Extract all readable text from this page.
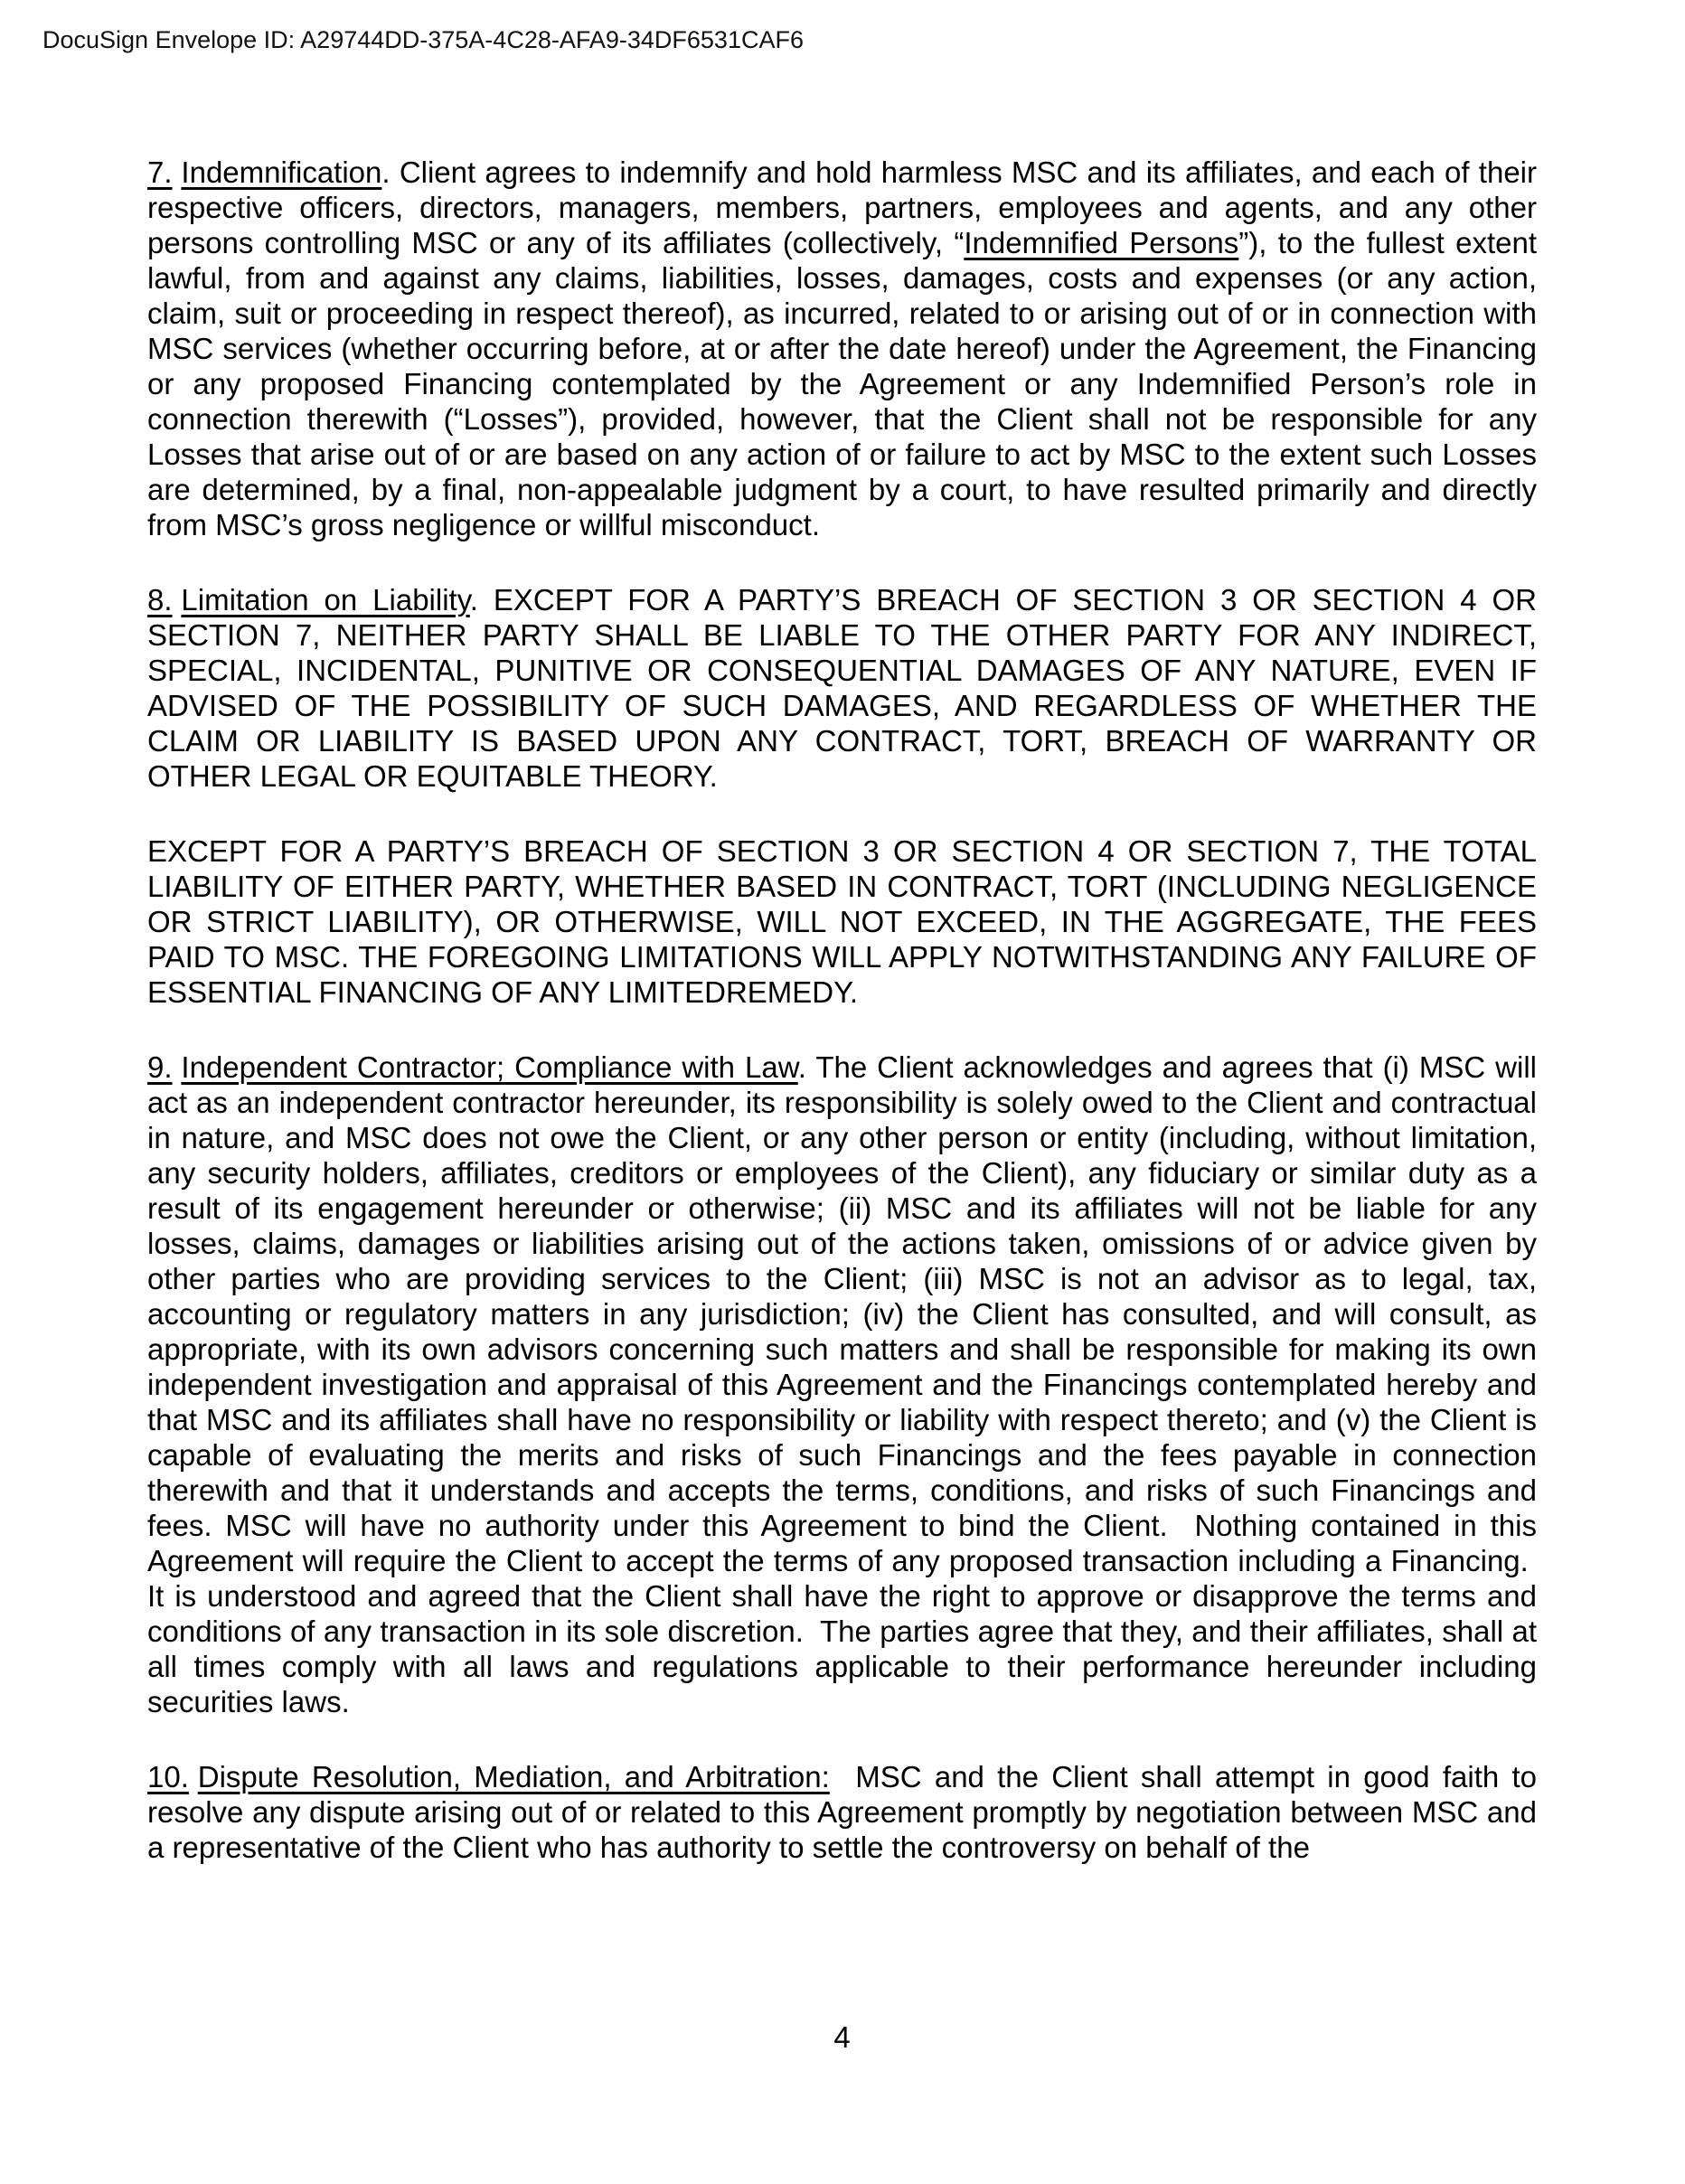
DocuSign Envelope ID: A29744DD-375A-4C28-AFA9-34DF6531CAF6

7. Indemnification. Client agrees to indemnify and hold harmless MSC and its affiliates, and each of their respective officers, directors, managers, members, partners, employees and agents, and any other persons controlling MSC or any of its affiliates (collectively, “Indemnified Persons”), to the fullest extent lawful, from and against any claims, liabilities, losses, damages, costs and expenses (or any action, claim, suit or proceeding in respect thereof), as incurred, related to or arising out of or in connection with MSC services (whether occurring before, at or after the date hereof) under the Agreement, the Financing or any proposed Financing contemplated by the Agreement or any Indemnified Person’s role in connection therewith (“Losses”), provided, however, that the Client shall not be responsible for any Losses that arise out of or are based on any action of or failure to act by MSC to the extent such Losses are determined, by a final, non-appealable judgment by a court, to have resulted primarily and directly from MSC’s gross negligence or willful misconduct.

8. Limitation on Liability. EXCEPT FOR A PARTY’S BREACH OF SECTION 3 OR SECTION 4 OR SECTION 7, NEITHER PARTY SHALL BE LIABLE TO THE OTHER PARTY FOR ANY INDIRECT, SPECIAL, INCIDENTAL, PUNITIVE OR CONSEQUENTIAL DAMAGES OF ANY NATURE, EVEN IF ADVISED OF THE POSSIBILITY OF SUCH DAMAGES, AND REGARDLESS OF WHETHER THE CLAIM OR LIABILITY IS BASED UPON ANY CONTRACT, TORT, BREACH OF WARRANTY OR OTHER LEGAL OR EQUITABLE THEORY.

EXCEPT FOR A PARTY’S BREACH OF SECTION 3 OR SECTION 4 OR SECTION 7, THE TOTAL LIABILITY OF EITHER PARTY, WHETHER BASED IN CONTRACT, TORT (INCLUDING NEGLIGENCE OR STRICT LIABILITY), OR OTHERWISE, WILL NOT EXCEED, IN THE AGGREGATE, THE FEES PAID TO MSC. THE FOREGOING LIMITATIONS WILL APPLY NOTWITHSTANDING ANY FAILURE OF ESSENTIAL FINANCING OF ANY LIMITEDREMEDY.

9. Independent Contractor; Compliance with Law. The Client acknowledges and agrees that (i) MSC will act as an independent contractor hereunder, its responsibility is solely owed to the Client and contractual in nature, and MSC does not owe the Client, or any other person or entity (including, without limitation, any security holders, affiliates, creditors or employees of the Client), any fiduciary or similar duty as a result of its engagement hereunder or otherwise; (ii) MSC and its affiliates will not be liable for any losses, claims, damages or liabilities arising out of the actions taken, omissions of or advice given by other parties who are providing services to the Client; (iii) MSC is not an advisor as to legal, tax, accounting or regulatory matters in any jurisdiction; (iv) the Client has consulted, and will consult, as appropriate, with its own advisors concerning such matters and shall be responsible for making its own independent investigation and appraisal of this Agreement and the Financings contemplated hereby and that MSC and its affiliates shall have no responsibility or liability with respect thereto; and (v) the Client is capable of evaluating the merits and risks of such Financings and the fees payable in connection therewith and that it understands and accepts the terms, conditions, and risks of such Financings and fees. MSC will have no authority under this Agreement to bind the Client.  Nothing contained in this Agreement will require the Client to accept the terms of any proposed transaction including a Financing.  It is understood and agreed that the Client shall have the right to approve or disapprove the terms and conditions of any transaction in its sole discretion.  The parties agree that they, and their affiliates, shall at all times comply with all laws and regulations applicable to their performance hereunder including securities laws.

10. Dispute Resolution, Mediation, and Arbitration: MSC and the Client shall attempt in good faith to resolve any dispute arising out of or related to this Agreement promptly by negotiation between MSC and a representative of the Client who has authority to settle the controversy on behalf of the

4
